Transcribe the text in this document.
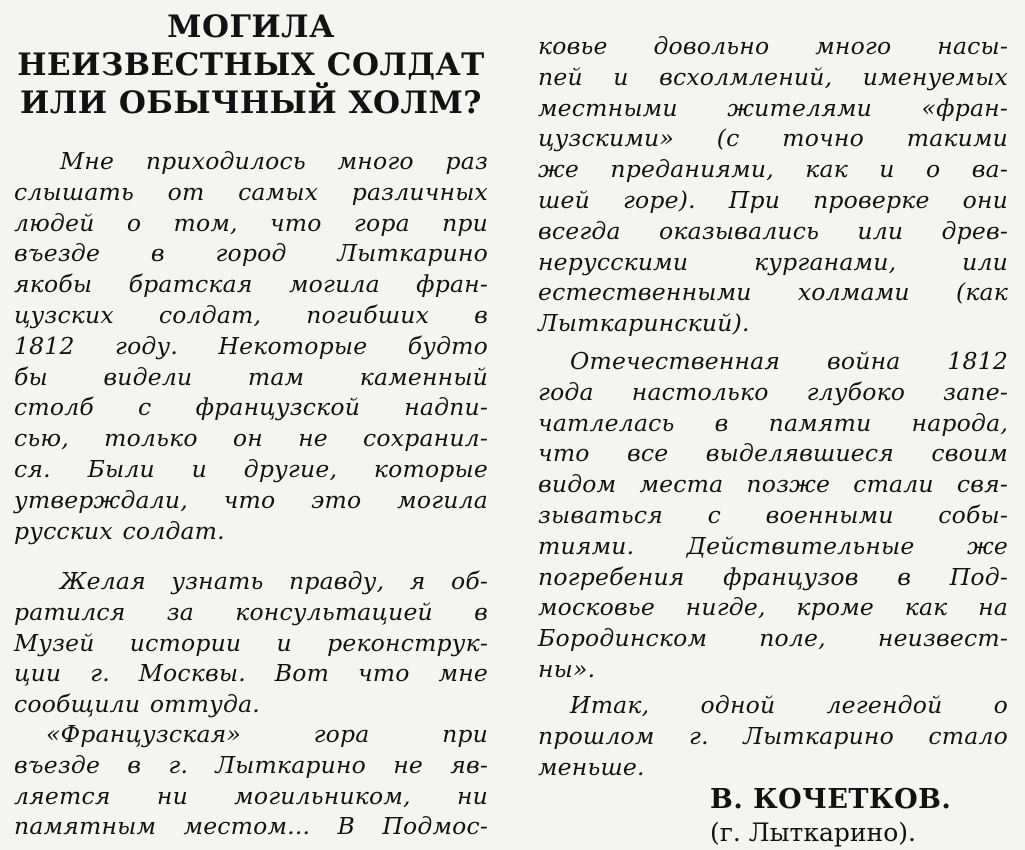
МОГИЛА
НЕИЗВЕСТНЫХ СОЛДАТ
ИЛИ ОБЫЧНЫЙ ХОЛМ?
Мне приходилось много раз
слышать от самых различных
людей о том, что гора при
въезде в город Лыткарино
якобы братская могила фран-
цузских солдат, погибших в
1812 году. Некоторые будто
бы видели там каменный
столб с французской надпи-
сью, только он не сохранил-
ся. Были и другие, которые
утверждали, что это могила
русских солдат.
Желая узнать правду, я об-
ратился за консультацией в
Музей истории и реконструк-
ции г. Москвы. Вот что мне
сообщили оттуда.
«Французская» гора при
въезде в г. Лыткарино не яв-
ляется ни могильником, ни
памятным местом... В Подмос-
ковье довольно много насы-
пей и всхолмлений, именуемых
местными жителями «фран-
цузскими» (с точно такими
же преданиями, как и о ва-
шей горе). При проверке они
всегда оказывались или древ-
нерусскими курганами, или
естественными холмами (как
Лыткаринский).
Отечественная война 1812
года настолько глубоко запе-
чатлелась в памяти народа,
что все выделявшиеся своим
видом места позже стали свя-
зываться с военными собы-
тиями. Действительные же
погребения французов в Под-
московье нигде, кроме как на
Бородинском поле, неизвест-
ны».
Итак, одной легендой о
прошлом г. Лыткарино стало
меньше.
В. КОЧЕТКОВ.
(г. Лыткарино).
